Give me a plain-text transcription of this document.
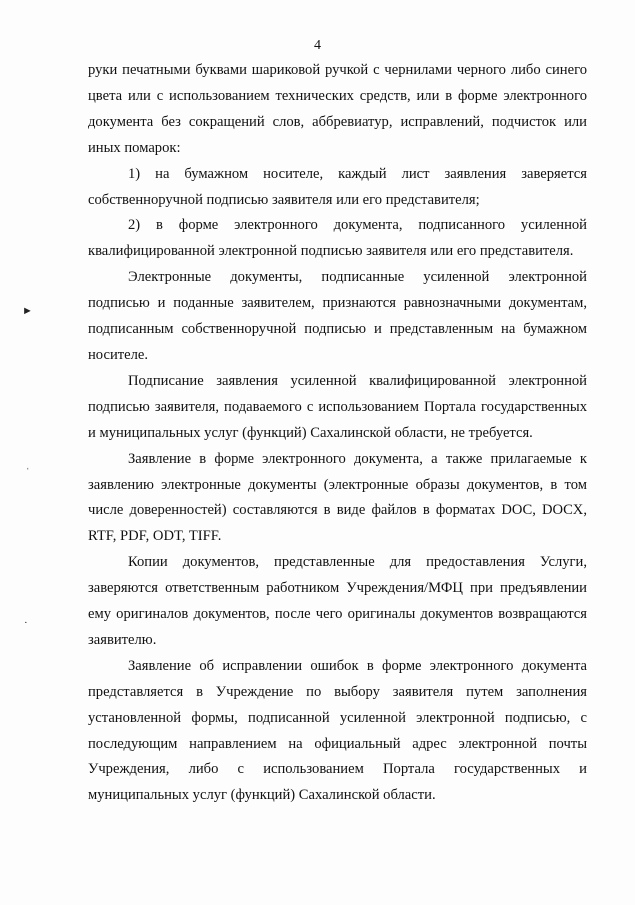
4

руки печатными буквами шариковой ручкой с чернилами черного либо синего цвета или с использованием технических средств, или в форме электронного документа без сокращений слов, аббревиатур, исправлений, подчисток или иных помарок:

1) на бумажном носителе, каждый лист заявления заверяется собственноручной подписью заявителя или его представителя;

2) в форме электронного документа, подписанного усиленной квалифицированной электронной подписью заявителя или его представителя.

Электронные документы, подписанные усиленной электронной подписью и поданные заявителем, признаются равнозначными документам, подписанным собственноручной подписью и представленным на бумажном носителе.

Подписание заявления усиленной квалифицированной электронной подписью заявителя, подаваемого с использованием Портала государственных и муниципальных услуг (функций) Сахалинской области, не требуется.

Заявление в форме электронного документа, а также прилагаемые к заявлению электронные документы (электронные образы документов, в том числе доверенностей) составляются в виде файлов в форматах DOC, DOCX, RTF, PDF, ODT, TIFF.

Копии документов, представленные для предоставления Услуги, заверяются ответственным работником Учреждения/МФЦ при предъявлении ему оригиналов документов, после чего оригиналы документов возвращаются заявителю.

Заявление об исправлении ошибок в форме электронного документа представляется в Учреждение по выбору заявителя путем заполнения установленной формы, подписанной усиленной электронной подписью, с последующим направлением на официальный адрес электронной почты Учреждения, либо с использованием Портала государственных и муниципальных услуг (функций) Сахалинской области.

►
ˈ
·
